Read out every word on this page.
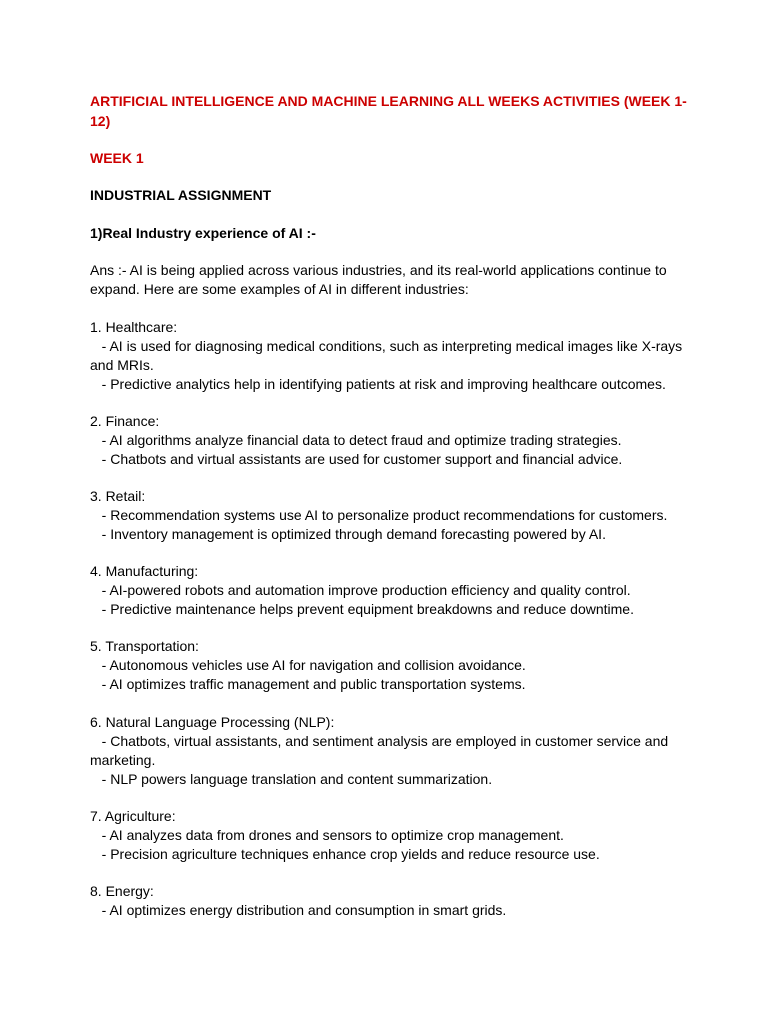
ARTIFICIAL INTELLIGENCE AND MACHINE LEARNING ALL WEEKS ACTIVITIES (WEEK 1-12)
WEEK 1
INDUSTRIAL ASSIGNMENT
1)Real Industry experience of AI :-
Ans :- AI is being applied across various industries, and its real-world applications continue to expand. Here are some examples of AI in different industries:
1. Healthcare:
- AI is used for diagnosing medical conditions, such as interpreting medical images like X-rays and MRIs.
- Predictive analytics help in identifying patients at risk and improving healthcare outcomes.
2. Finance:
- AI algorithms analyze financial data to detect fraud and optimize trading strategies.
- Chatbots and virtual assistants are used for customer support and financial advice.
3. Retail:
- Recommendation systems use AI to personalize product recommendations for customers.
- Inventory management is optimized through demand forecasting powered by AI.
4. Manufacturing:
- AI-powered robots and automation improve production efficiency and quality control.
- Predictive maintenance helps prevent equipment breakdowns and reduce downtime.
5. Transportation:
- Autonomous vehicles use AI for navigation and collision avoidance.
- AI optimizes traffic management and public transportation systems.
6. Natural Language Processing (NLP):
- Chatbots, virtual assistants, and sentiment analysis are employed in customer service and marketing.
- NLP powers language translation and content summarization.
7. Agriculture:
- AI analyzes data from drones and sensors to optimize crop management.
- Precision agriculture techniques enhance crop yields and reduce resource use.
8. Energy:
- AI optimizes energy distribution and consumption in smart grids.
